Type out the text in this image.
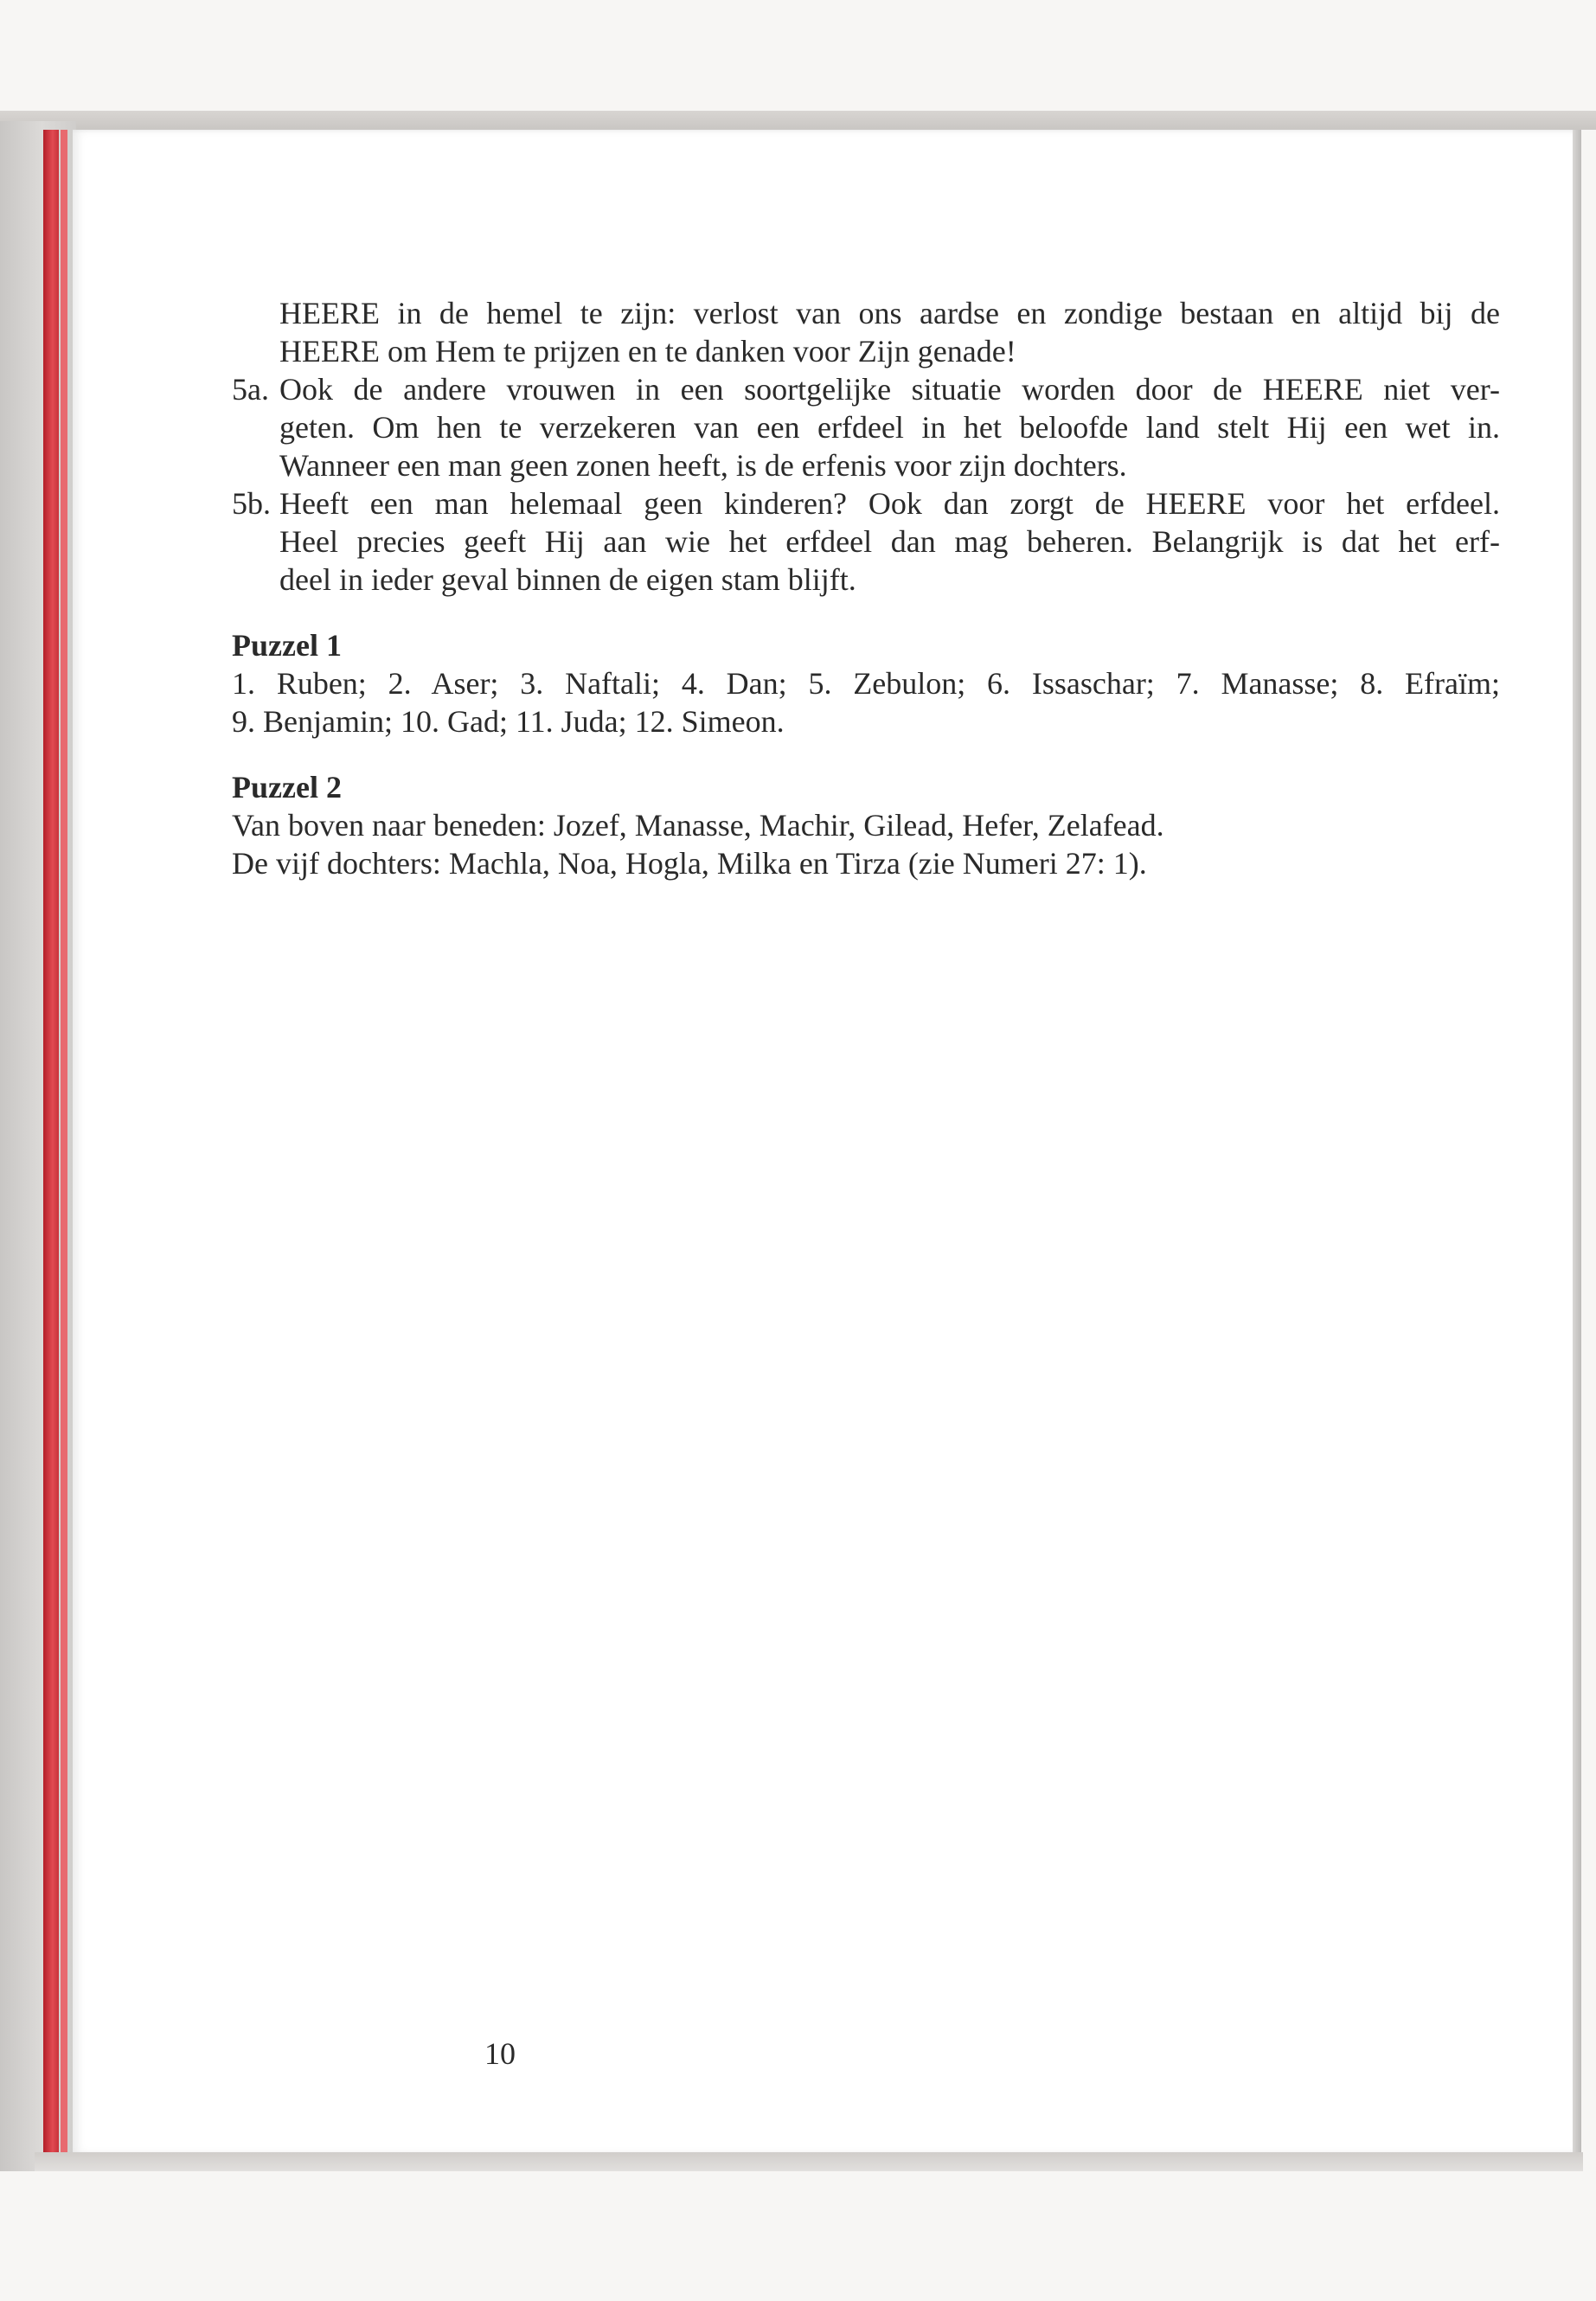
HEERE in de hemel te zijn: verlost van ons aardse en zondige bestaan en altijd bij de
HEERE om Hem te prijzen en te danken voor Zijn genade!
5a. Ook de andere vrouwen in een soortgelijke situatie worden door de HEERE niet ver-
geten. Om hen te verzekeren van een erfdeel in het beloofde land stelt Hij een wet in.
Wanneer een man geen zonen heeft, is de erfenis voor zijn dochters.
5b. Heeft een man helemaal geen kinderen? Ook dan zorgt de HEERE voor het erfdeel.
Heel precies geeft Hij aan wie het erfdeel dan mag beheren. Belangrijk is dat het erf-
deel in ieder geval binnen de eigen stam blijft.
Puzzel 1
1. Ruben; 2. Aser; 3. Naftali; 4. Dan; 5. Zebulon; 6. Issaschar; 7. Manasse; 8. Efraïm;
9. Benjamin; 10. Gad; 11. Juda; 12. Simeon.
Puzzel 2
Van boven naar beneden: Jozef, Manasse, Machir, Gilead, Hefer, Zelafead.
De vijf dochters: Machla, Noa, Hogla, Milka en Tirza (zie Numeri 27: 1).
10
